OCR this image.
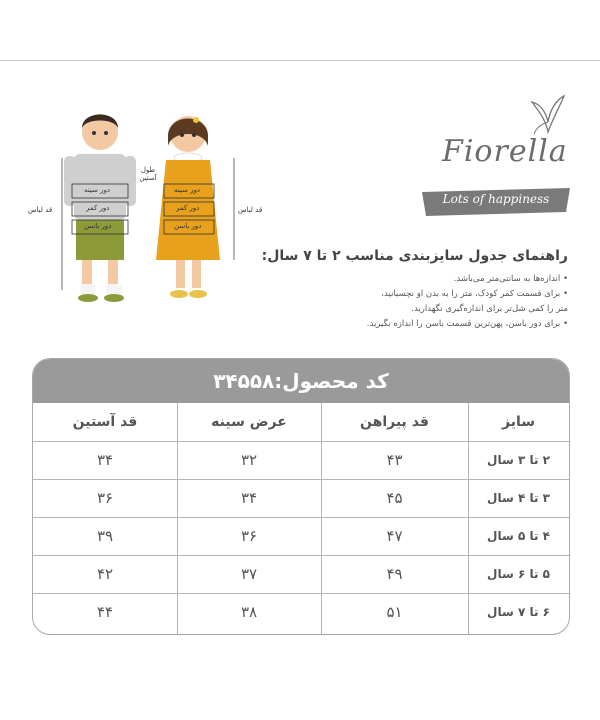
Fiorella
Lots of happiness
قد لباس
طول آستین
دور سینه
دور کمر
دور باسن
دور سینه
دور کمر
دور باسن
قد لباس
راهنمای جدول سایزبندی مناسب ۲ تا ۷ سال:
• اندازه‌ها به سانتی‌متر می‌باشد.
• برای قسمت کمر کودک، متر را به بدن او نچسبانید،
متر را کمی شل‌تر برای اندازه‌گیری نگهدارید.
• برای دور باسن، پهن‌ترین قسمت باسن را اندازه بگیرید.
کد محصول:۳۴۵۵۸
سایز
قد پیراهن
عرض سینه
قد آستین
۲ تا ۳ سال
۴۳
۳۲
۳۴
۳ تا ۴ سال
۴۵
۳۴
۳۶
۴ تا ۵ سال
۴۷
۳۶
۳۹
۵ تا ۶ سال
۴۹
۳۷
۴۲
۶ تا ۷ سال
۵۱
۳۸
۴۴
